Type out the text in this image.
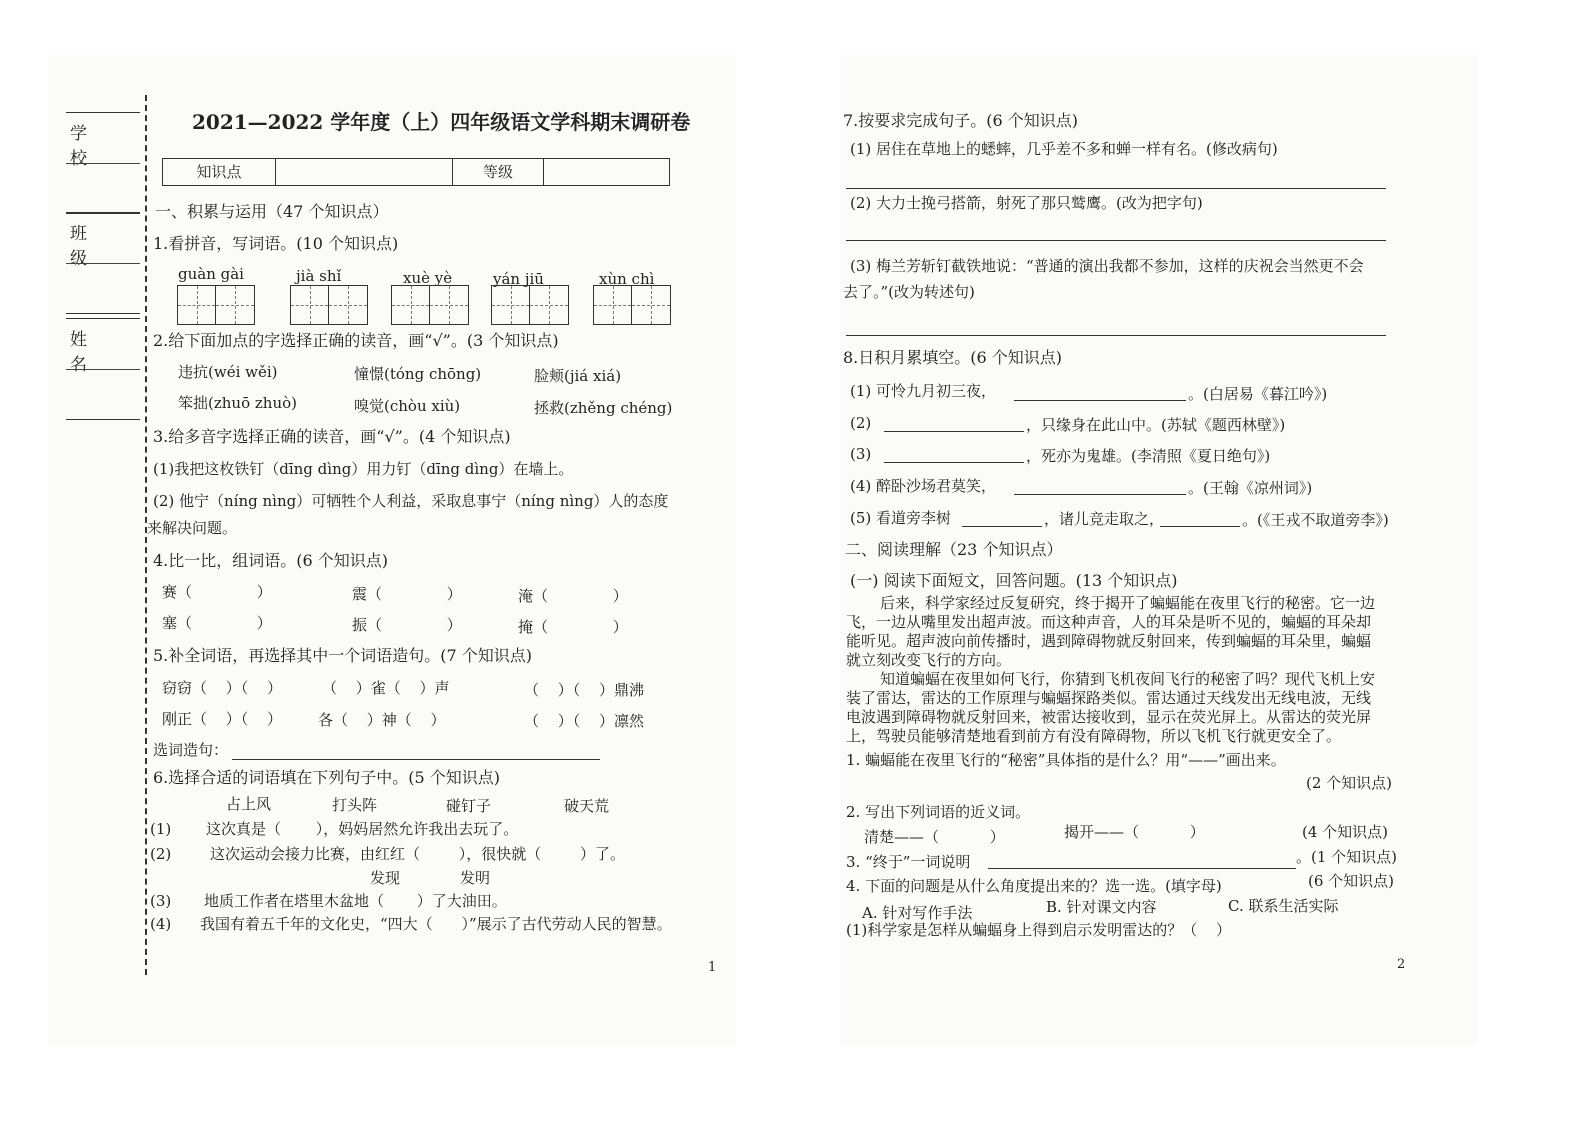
学 校
班 级
姓 名
2021—2022 学年度（上）四年级语文学科期末调研卷
知识点	等级
一、积累与运用（47 个知识点）
1.看拼音，写词语。(10 个知识点)
guàn gài	jià shǐ	xuè yè	yán jiū	xùn chì
2.给下面加点的字选择正确的读音，画“√”。(3 个知识点)
违抗(wéi wěi)	憧憬(tóng chōng)	脸颊(jiá xiá)
笨拙(zhuō zhuò)	嗅觉(chòu xiù)	拯救(zhěng chéng)
3.给多音字选择正确的读音，画“√”。(4 个知识点)
(1)我把这枚铁钉（dīng dìng）用力钉（dīng dìng）在墙上。
(2) 他宁（níng nìng）可牺牲个人利益，采取息事宁（níng nìng）人的态度
来解决问题。
4.比一比，组词语。(6 个知识点)
赛（ ）	震（ ）	淹（ ）
塞（ ）	振（ ）	掩（ ）
5.补全词语，再选择其中一个词语造句。(7 个知识点)
窃窃（ ）（ ）	（ ）雀（ ）声	（ ）（ ）鼎沸
刚正（ ）（ ） 各（ ）神（ ）	（ ）（ ）凛然
选词造句：
6.选择合适的词语填在下列句子中。(5 个知识点)
占上风	打头阵	碰钉子	破天荒
(1) 这次真是（ ），妈妈居然允许我出去玩了。
(2) 这次运动会接力比赛，由红红（ ），很快就（ ）了。
发现	发明
(3) 地质工作者在塔里木盆地（ ）了大油田。
(4) 我国有着五千年的文化史，“四大（ ）”展示了古代劳动人民的智慧。
1
7.按要求完成句子。(6 个知识点)
(1) 居住在草地上的蟋蟀，几乎差不多和蝉一样有名。(修改病句)
(2) 大力士挽弓搭箭，射死了那只鹫鹰。(改为把字句)
(3) 梅兰芳斩钉截铁地说：“普通的演出我都不参加，这样的庆祝会当然更不会
去了。”(改为转述句)
8.日积月累填空。(6 个知识点)
(1) 可怜九月初三夜，	。(白居易《暮江吟》)
(2)	，只缘身在此山中。(苏轼《题西林壁》)
(3)	，死亦为鬼雄。(李清照《夏日绝句》)
(4) 醉卧沙场君莫笑，	。(王翰《凉州词》)
(5) 看道旁李树	，诸儿竞走取之，	。(《王戎不取道旁李》)
二、阅读理解（23 个知识点）
(一) 阅读下面短文，回答问题。(13 个知识点)
后来，科学家经过反复研究，终于揭开了蝙蝠能在夜里飞行的秘密。它一边
飞，一边从嘴里发出超声波。而这种声音，人的耳朵是听不见的，蝙蝠的耳朵却
能听见。超声波向前传播时，遇到障碍物就反射回来，传到蝙蝠的耳朵里，蝙蝠
就立刻改变飞行的方向。
知道蝙蝠在夜里如何飞行，你猜到飞机夜间飞行的秘密了吗？现代飞机上安
装了雷达，雷达的工作原理与蝙蝠探路类似。雷达通过天线发出无线电波，无线
电波遇到障碍物就反射回来，被雷达接收到，显示在荧光屏上。从雷达的荧光屏
上，驾驶员能够清楚地看到前方有没有障碍物，所以飞机飞行就更安全了。
1. 蝙蝠能在夜里飞行的“秘密”具体指的是什么？用“——”画出来。
(2 个知识点)
2. 写出下列词语的近义词。
清楚——（ ）	揭开——（ ）	(4 个知识点)
3. “终于”一词说明	。(1 个知识点)
4. 下面的问题是从什么角度提出来的？选一选。(填字母)	(6 个知识点)
A. 针对写作手法	B. 针对课文内容	C. 联系生活实际
(1)科学家是怎样从蝙蝠身上得到启示发明雷达的？（ ）
2
